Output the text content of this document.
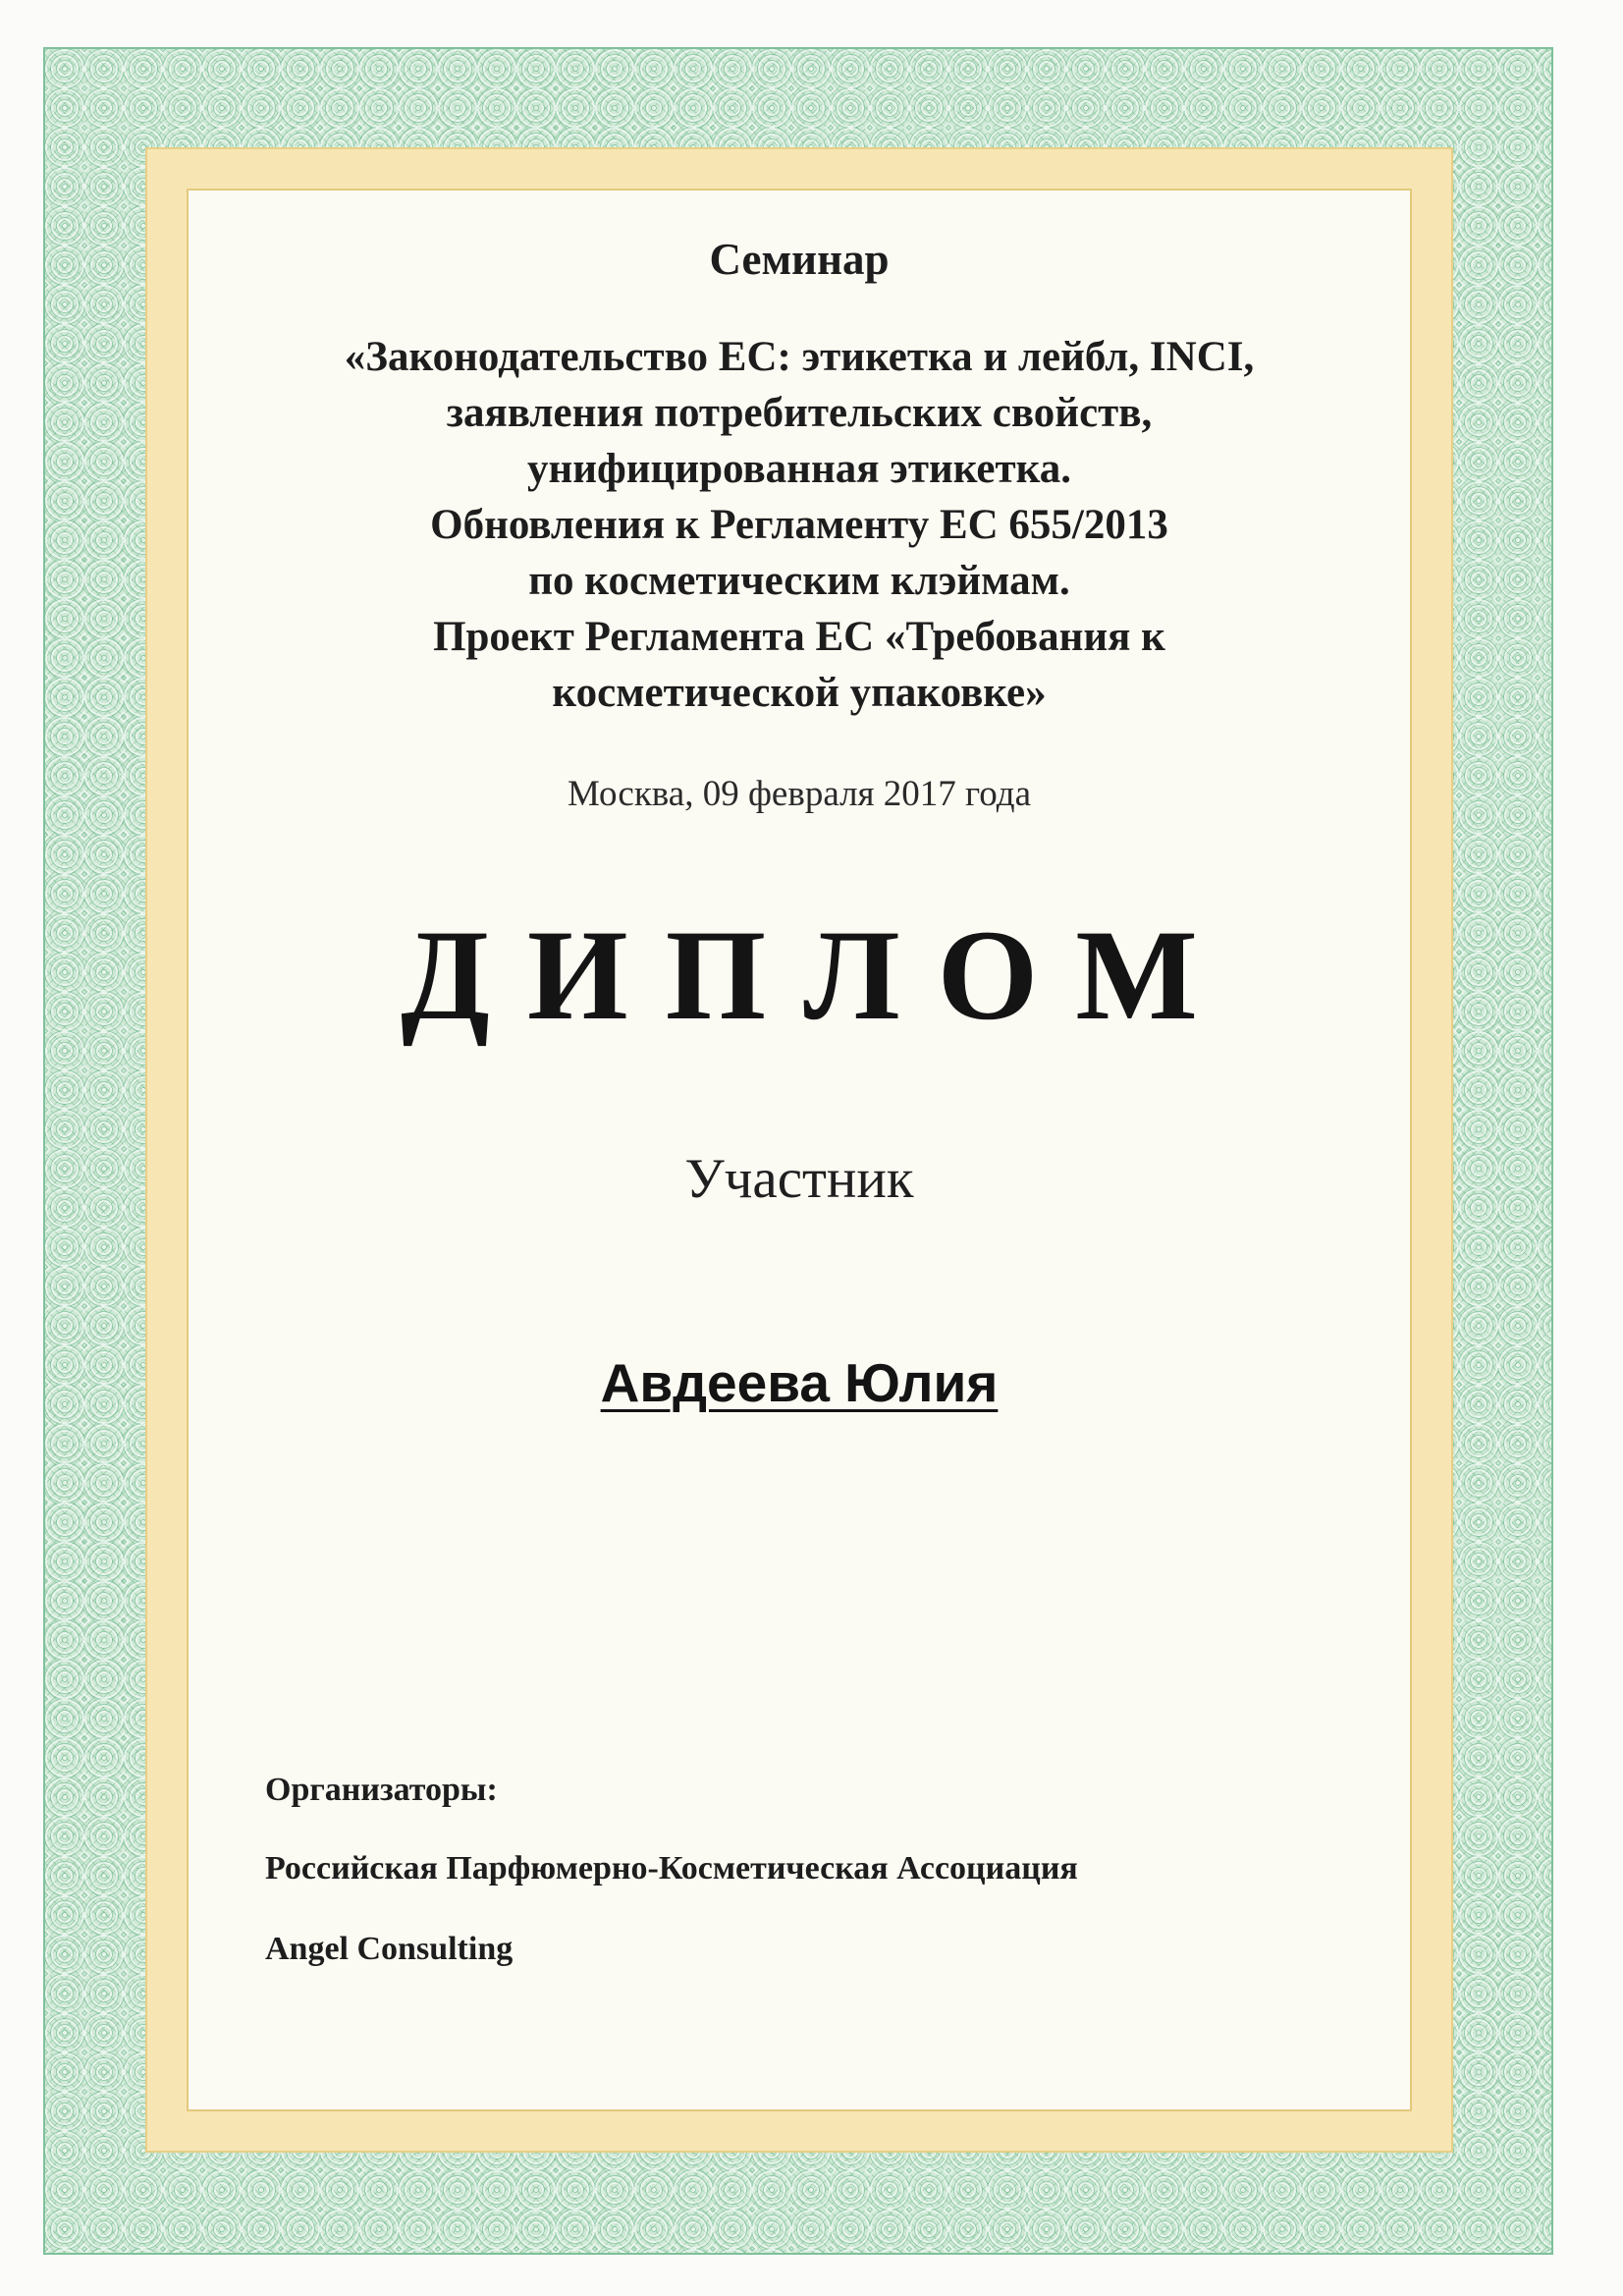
Семинар
«Законодательство ЕС: этикетка и лейбл, INCI,
заявления потребительских свойств,
унифицированная этикетка.
Обновления к Регламенту ЕС 655/2013
по косметическим клэймам.
Проект Регламента ЕС «Требования к
косметической упаковке»
Москва, 09 февраля 2017 года
ДИПЛОМ
Участник
Авдеева Юлия
Организаторы:
Российская Парфюмерно-Косметическая Ассоциация
Angel Consulting
